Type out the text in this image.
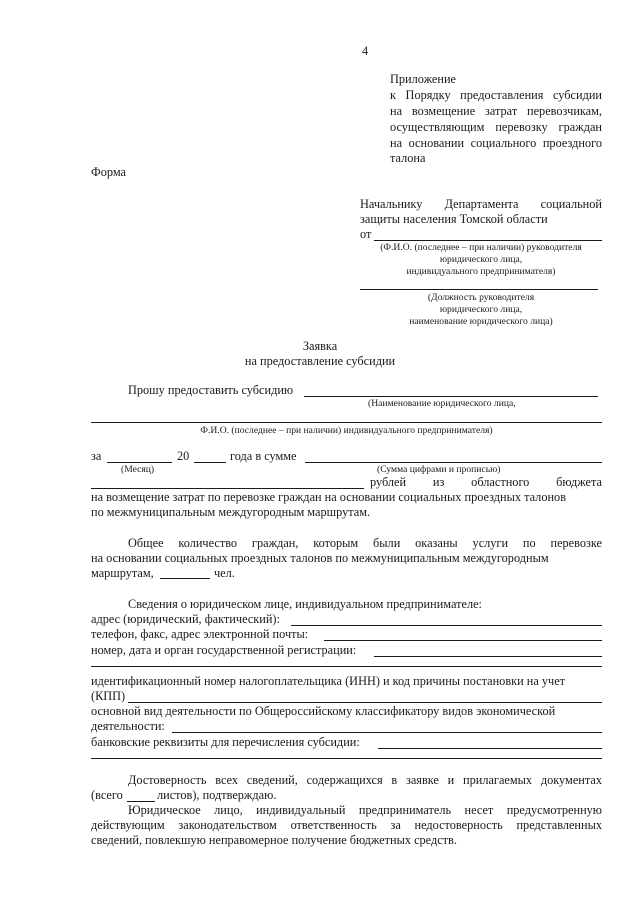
4
Приложение
к Порядку предоставления субсидии
на возмещение затрат перевозчикам,
осуществляющим перевозку граждан
на основании социального проездного
талона
Форма
Начальнику Департамента социальной
защиты населения Томской области
от
(Ф.И.О. (последнее – при наличии) руководителя
юридического лица,
индивидуального предпринимателя)
(Должность руководителя
юридического лица,
наименование юридического лица)
Заявка
на предоставление субсидии
Прошу предоставить субсидию
(Наименование юридического лица,
Ф.И.О. (последнее – при наличии) индивидуального предпринимателя)
за	20	года в сумме
(Месяц)	(Сумма цифрами и прописью)
рублей из областного бюджета
на возмещение затрат по перевозке граждан на основании социальных проездных талонов
по межмуниципальным междугородным маршрутам.
Общее количество граждан, которым были оказаны услуги по перевозке
на основании социальных проездных талонов по межмуниципальным междугородным
маршрутам,	чел.
Сведения о юридическом лице, индивидуальном предпринимателе:
адрес (юридический, фактический):
телефон, факс, адрес электронной почты:
номер, дата и орган государственной регистрации:
идентификационный номер налогоплательщика (ИНН) и код причины постановки на учет
(КПП)
основной вид деятельности по Общероссийскому классификатору видов экономической
деятельности:
банковские реквизиты для перечисления субсидии:
Достоверность всех сведений, содержащихся в заявке и прилагаемых документах
(всего	листов), подтверждаю.
Юридическое лицо, индивидуальный предприниматель несет предусмотренную
действующим законодательством ответственность за недостоверность представленных
сведений, повлекшую неправомерное получение бюджетных средств.
